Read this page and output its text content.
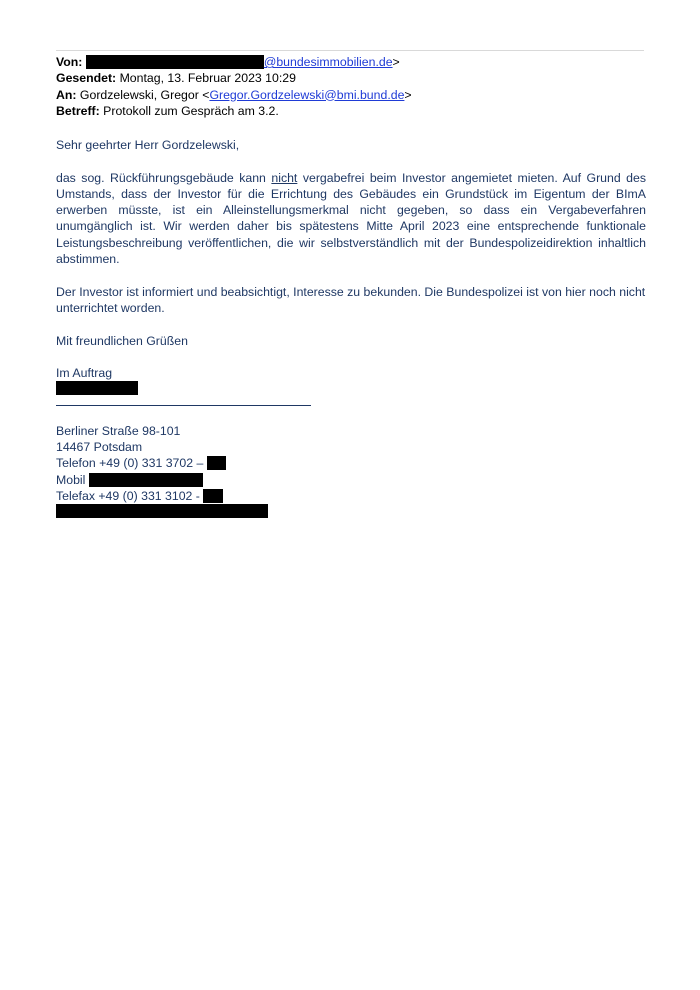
Von:	@bundesimmobilien.de>
Gesendet: Montag, 13. Februar 2023 10:29
An: Gordzelewski, Gregor <Gregor.Gordzelewski@bmi.bund.de>
Betreff: Protokoll zum Gespräch am 3.2.

Sehr geehrter Herr Gordzelewski,

das sog. Rückführungsgebäude kann nicht vergabefrei beim Investor angemietet mieten. Auf Grund des Umstands, dass der Investor für die Errichtung des Gebäudes ein Grundstück im Eigentum der BImA erwerben müsste, ist ein Alleinstellungsmerkmal nicht gegeben, so dass ein Vergabeverfahren unumgänglich ist. Wir werden daher bis spätestens Mitte April 2023 eine entsprechende funktionale Leistungsbeschreibung veröffentlichen, die wir selbstverständlich mit der Bundespolizeidirektion inhaltlich abstimmen.

Der Investor ist informiert und beabsichtigt, Interesse zu bekunden. Die Bundespolizei ist von hier noch nicht unterrichtet worden.

Mit freundlichen Grüßen

Im Auftrag
Berliner Straße 98-101
14467 Potsdam
Telefon +49 (0) 331 3702 –
Mobil
Telefax +49 (0) 331 3102 -
